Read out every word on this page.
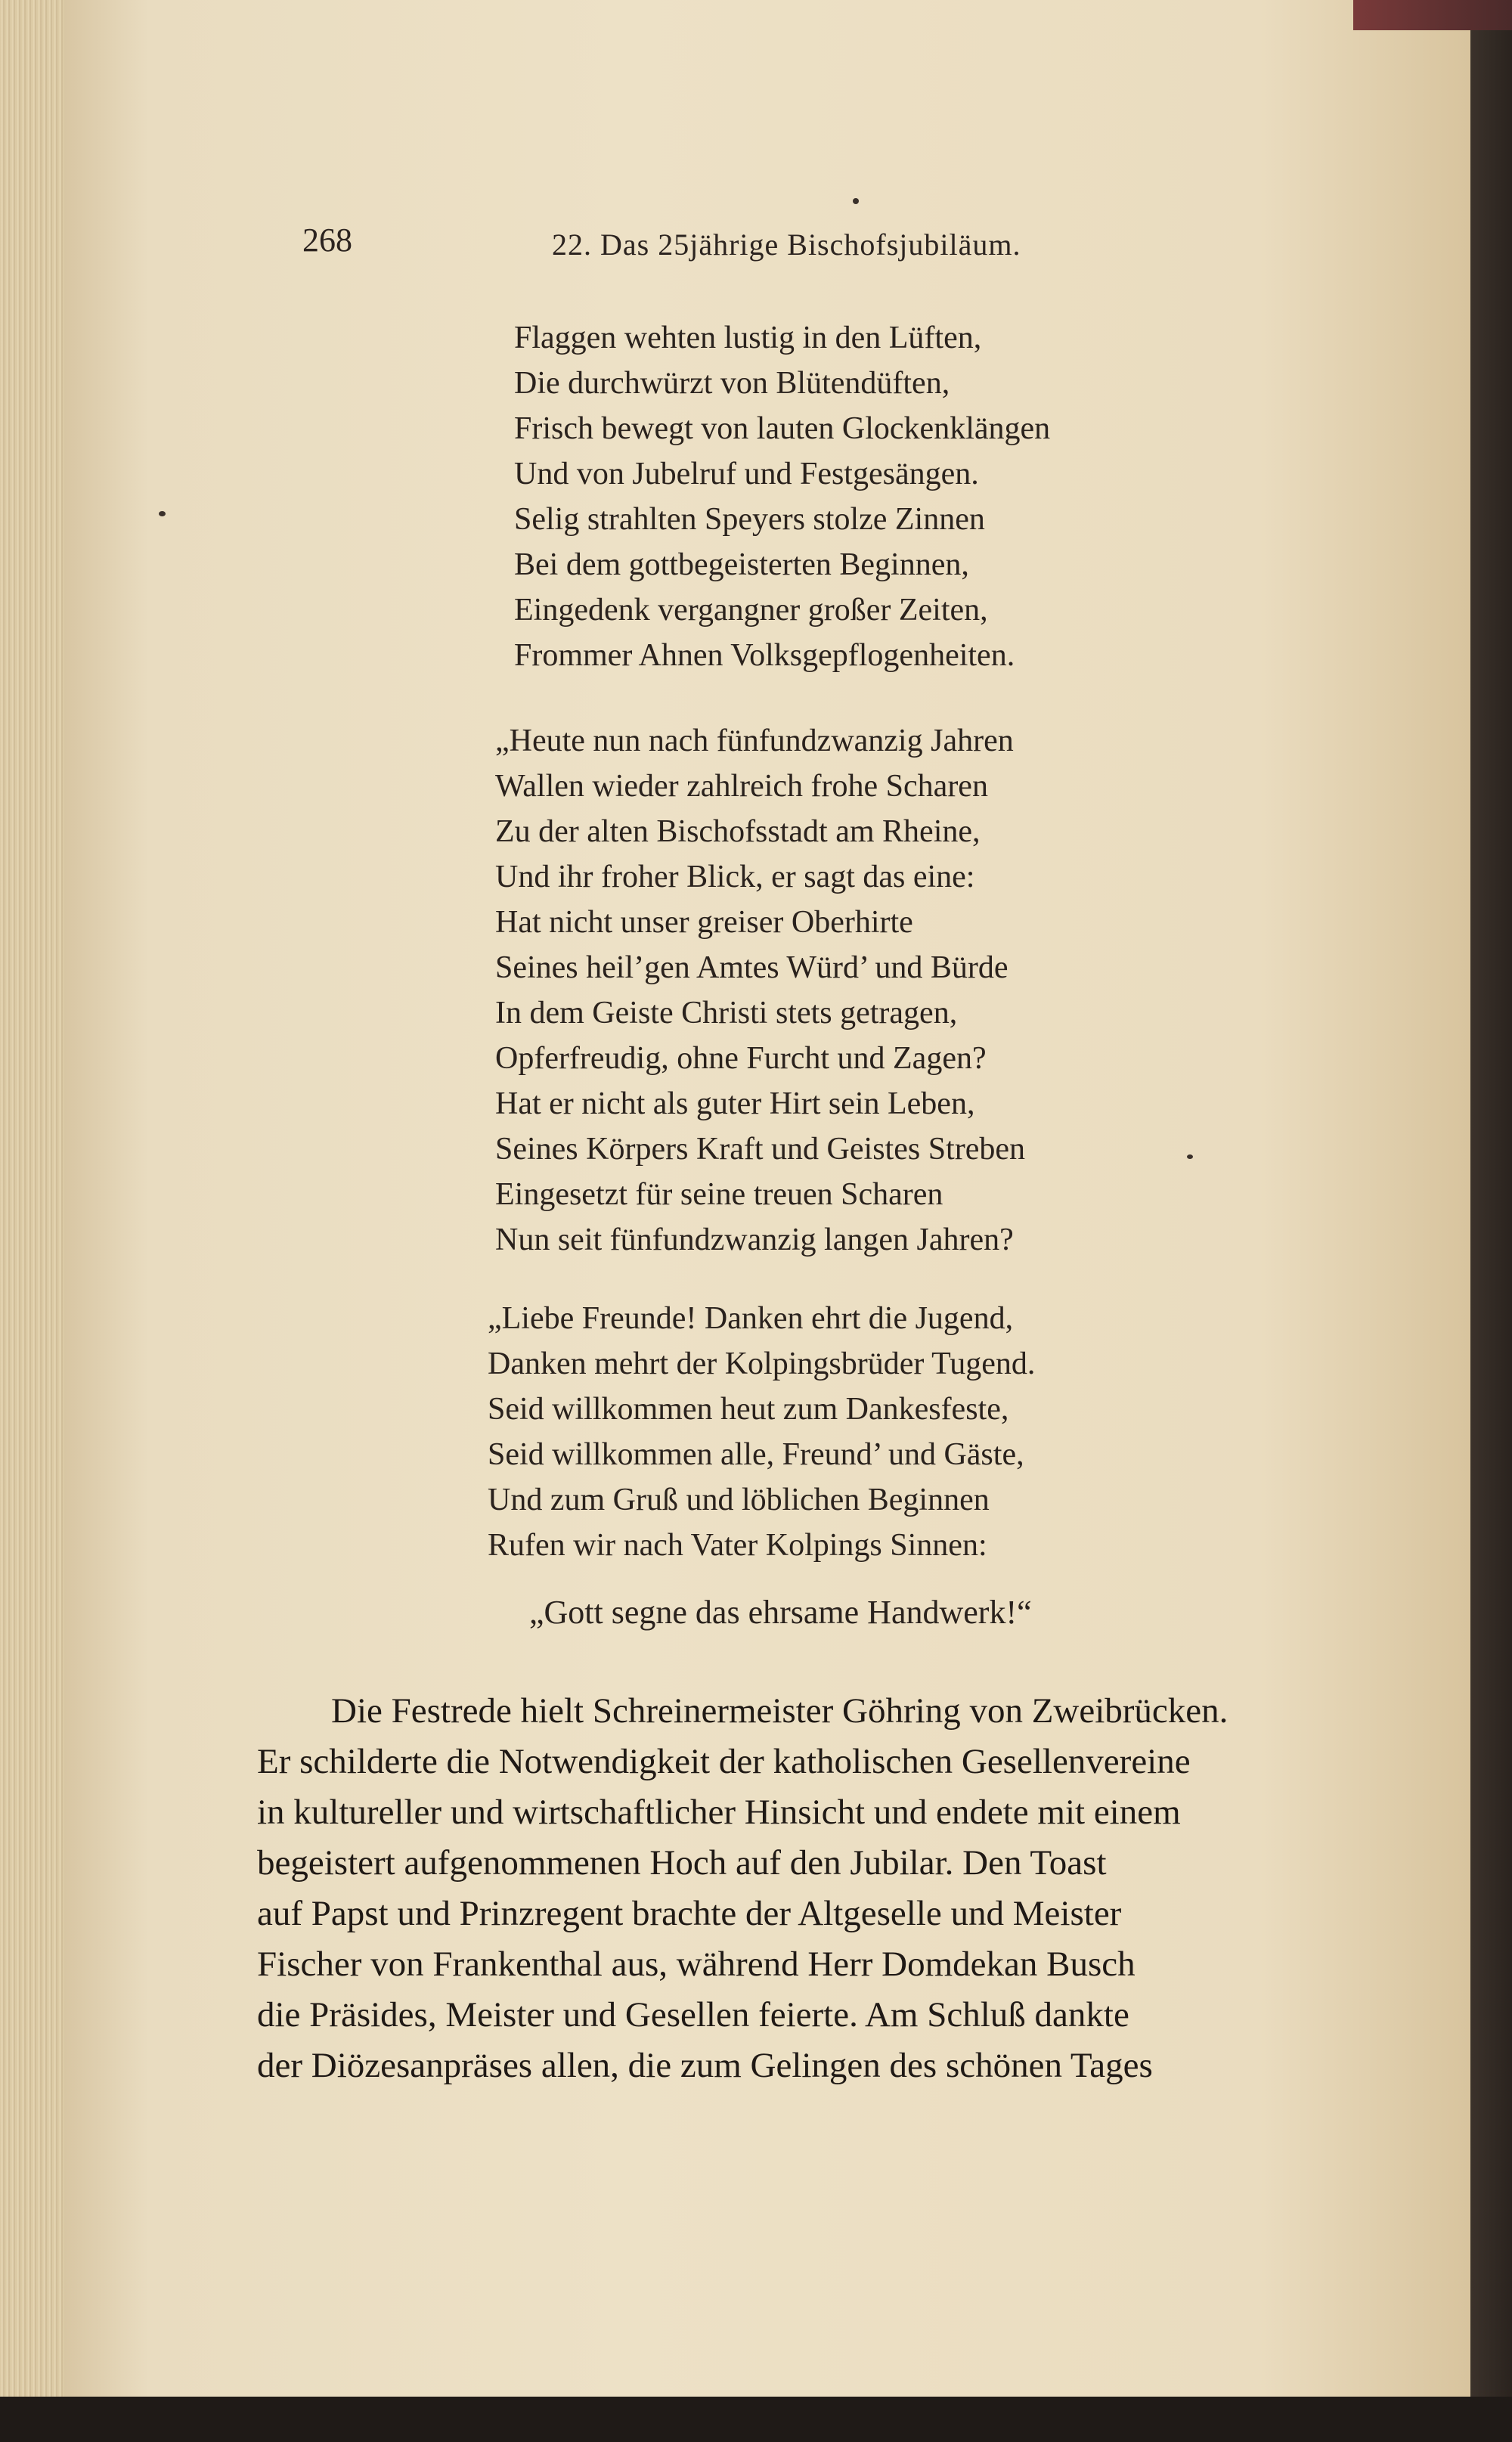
268	22. Das 25jährige Bischofsjubiläum.
Flaggen wehten lustig in den Lüften,
Die durchwürzt von Blütendüften,
Frisch bewegt von lauten Glockenklängen
Und von Jubelruf und Festgesängen.
Selig strahlten Speyers stolze Zinnen
Bei dem gottbegeisterten Beginnen,
Eingedenk vergangner großer Zeiten,
Frommer Ahnen Volksgepflogenheiten.
„Heute nun nach fünfundzwanzig Jahren
Wallen wieder zahlreich frohe Scharen
Zu der alten Bischofsstadt am Rheine,
Und ihr froher Blick, er sagt das eine:
Hat nicht unser greiser Oberhirte
Seines heil’gen Amtes Würd’ und Bürde
In dem Geiste Christi stets getragen,
Opferfreudig, ohne Furcht und Zagen?
Hat er nicht als guter Hirt sein Leben,
Seines Körpers Kraft und Geistes Streben
Eingesetzt für seine treuen Scharen
Nun seit fünfundzwanzig langen Jahren?
„Liebe Freunde! Danken ehrt die Jugend,
Danken mehrt der Kolpingsbrüder Tugend.
Seid willkommen heut zum Dankesfeste,
Seid willkommen alle, Freund’ und Gäste,
Und zum Gruß und löblichen Beginnen
Rufen wir nach Vater Kolpings Sinnen:
„Gott segne das ehrsame Handwerk!“
Die Festrede hielt Schreinermeister Göhring von Zweibrücken.
Er schilderte die Notwendigkeit der katholischen Gesellenvereine
in kultureller und wirtschaftlicher Hinsicht und endete mit einem
begeistert aufgenommenen Hoch auf den Jubilar. Den Toast
auf Papst und Prinzregent brachte der Altgeselle und Meister
Fischer von Frankenthal aus, während Herr Domdekan Busch
die Präsides, Meister und Gesellen feierte. Am Schluß dankte
der Diözesanpräses allen, die zum Gelingen des schönen Tages
